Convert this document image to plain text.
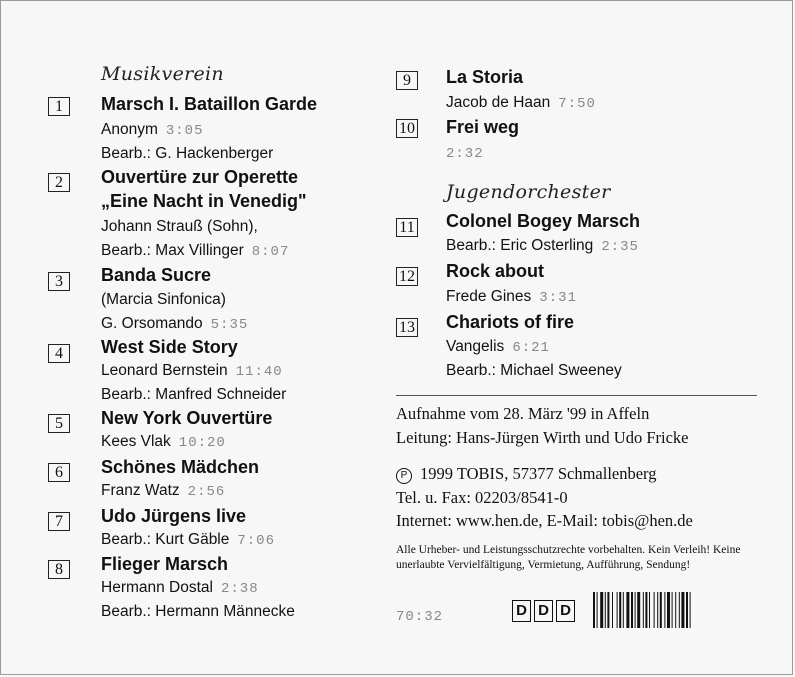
Musikverein
1	Marsch I. Bataillon Garde
Anonym 3:05
Bearb.: G. Hackenberger
2	Ouvertüre zur Operette
„Eine Nacht in Venedig"
Johann Strauß (Sohn),
Bearb.: Max Villinger 8:07
3	Banda Sucre
(Marcia Sinfonica)
G. Orsomando 5:35
4	West Side Story
Leonard Bernstein 11:40
Bearb.: Manfred Schneider
5	New York Ouvertüre
Kees Vlak 10:20
6	Schönes Mädchen
Franz Watz 2:56
7	Udo Jürgens live
Bearb.: Kurt Gäble 7:06
8	Flieger Marsch
Hermann Dostal 2:38
Bearb.: Hermann Männecke
9	La Storia
Jacob de Haan 7:50
10 Frei weg
2:32
Jugendorchester
11 Colonel Bogey Marsch
Bearb.: Eric Osterling 2:35
12 Rock about
Frede Gines 3:31
13 Chariots of fire
Vangelis 6:21
Bearb.: Michael Sweeney
Aufnahme vom 28. März '99 in Affeln
Leitung: Hans-Jürgen Wirth und Udo Fricke
P 1999 TOBIS, 57377 Schmallenberg
Tel. u. Fax: 02203/8541-0
Internet: www.hen.de, E-Mail: tobis@hen.de
Alle Urheber- und Leistungsschutzrechte vorbehalten. Kein Verleih! Keine unerlaubte Vervielfältigung, Vermietung, Aufführung, Sendung!
70:32	D D D
